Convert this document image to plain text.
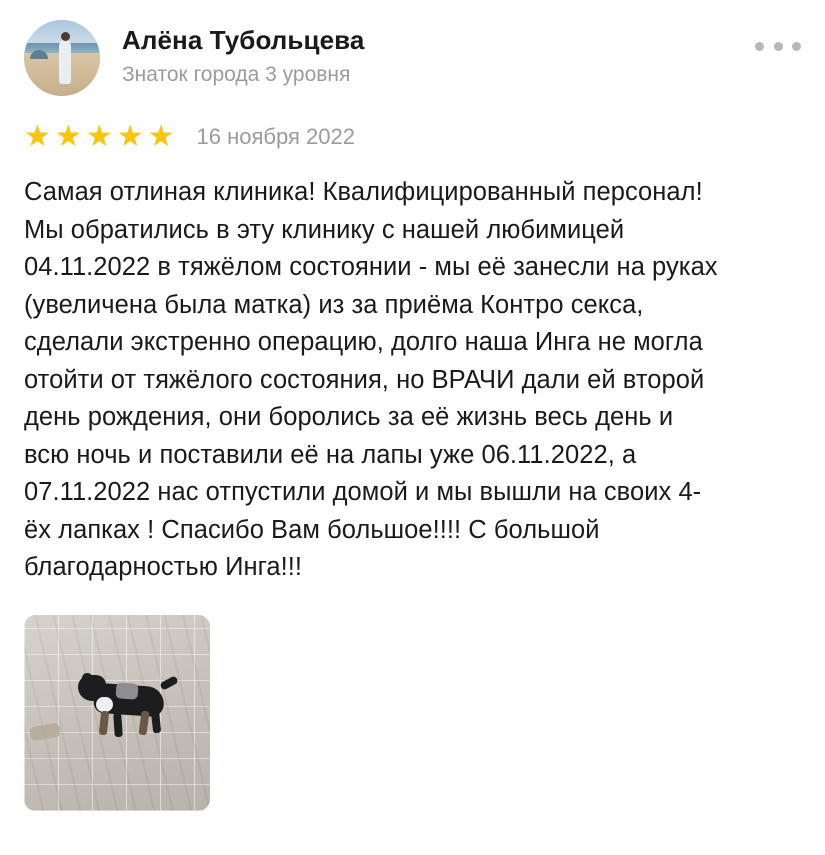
Алёна Тубольцева
Знаток города 3 уровня
★ ★ ★ ★ ★ 16 ноября 2022
Самая отлиная клиника! Квалифицированный персонал! Мы обратились в эту клинику с нашей любимицей 04.11.2022 в тяжёлом состоянии - мы её занесли на руках (увеличена была матка) из за приёма Контро секса, сделали экстренно операцию, долго наша Инга не могла отойти от тяжёлого состояния, но ВРАЧИ дали ей второй день рождения, они боролись за её жизнь весь день и всю ночь и поставили её на лапы уже 06.11.2022, а 07.11.2022 нас отпустили домой и мы вышли на своих 4-ёх лапках ! Спасибо Вам большое!!!! С большой благодарностью Инга!!!
